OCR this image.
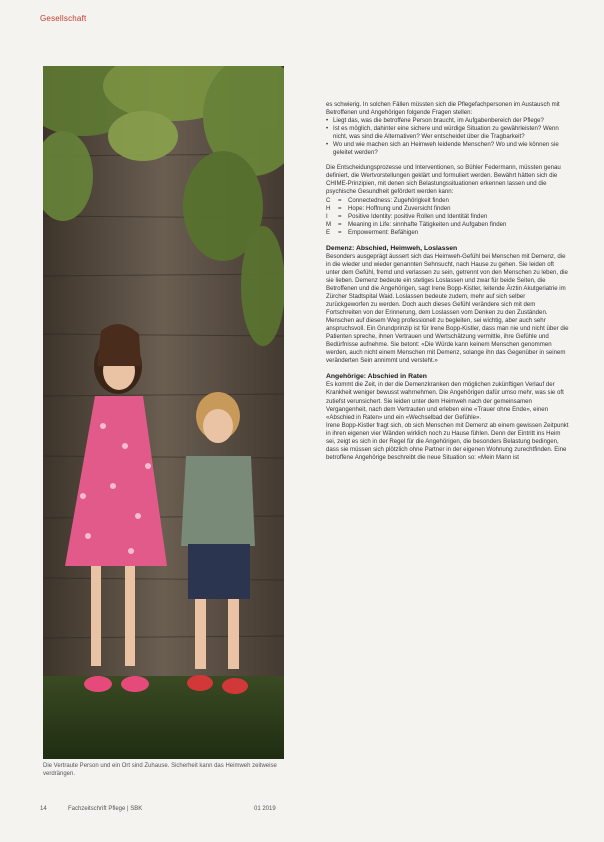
Gesellschaft
Die Vertraute Person und ein Ort sind Zuhause. Sicherheit kann das Heimweh zeitweise verdrängen.

es schwierig. In solchen Fällen müssten sich die Pflegefachpersonen im Austausch mit Betroffenen und Angehörigen folgende Fragen stellen:

• Liegt das, was die betroffene Person braucht, im Aufgabenbereich der Pflege?
• Ist es möglich, dahinter eine sichere und würdige Situation zu gewährleisten? Wenn nicht, was sind die Alternativen? Wer entscheidet über die Tragbarkeit?
• Wo und wie machen sich an Heimweh leidende Menschen? Wo und wie können sie geleitet werden?

Die Entscheidungsprozesse und Interventionen, so Bühler Federmann, müssten genau definiert, die Wertvorstellungen geklärt und formuliert werden. Bewährt hätten sich die CHIME-Prinzipien, mit denen sich Belastungssituationen erkennen lassen und die psychische Gesundheit gefördert werden kann:

C	=	Connectedness: Zugehörigkeit finden
H	=	Hope: Hoffnung und Zuversicht finden
I	=	Positive Identity: positive Rollen und Identität finden
M	=	Meaning in Life: sinnhafte Tätigkeiten und Aufgaben finden
E	=	Empowerment: Befähigen
Demenz: Abschied, Heimweh, Loslassen

Besonders ausgeprägt äussert sich das Heimweh-Gefühl bei Menschen mit Demenz, die in die wieder und wieder genannten Sehnsucht, nach Hause zu gehen. Sie leiden oft unter dem Gefühl, fremd und verlassen zu sein, getrennt von den Menschen zu leben, die sie lieben. Demenz bedeute ein stetiges Loslassen und zwar für beide Seiten, die Betroffenen und die Angehörigen, sagt Irene Bopp-Kistler, leitende Ärztin Akutgeriatrie im Zürcher Stadtspital Waid. Loslassen bedeute zudem, mehr auf sich selber zurückgeworfen zu werden. Doch auch dieses Gefühl verändere sich mit dem Fortschreiten von der Erinnerung, dem Loslassen vom Denken zu den Zuständen. Menschen auf diesem Weg professionell zu begleiten, sei wichtig, aber auch sehr anspruchsvoll. Ein Grundprinzip ist für Irene Bopp-Kistler, dass man nie und nicht über die Patienten spreche, ihnen Vertrauen und Wertschätzung vermittle, ihre Gefühle und Bedürfnisse aufnehme. Sie betont: «Die Würde kann keinem Menschen genommen werden, auch nicht einem Menschen mit Demenz, solange ihn das Gegenüber in seinem veränderten Sein annimmt und versteht.»

Angehörige: Abschied in Raten

Es kommt die Zeit, in der die Demenzkranken den möglichen zukünftigen Verlauf der Krankheit weniger bewusst wahrnehmen. Die Angehörigen dafür umso mehr, was sie oft zutiefst verunsichert. Sie leiden unter dem Heimweh nach der gemeinsamen Vergangenheit, nach dem Vertrauten und erleben eine «Trauer ohne Ende», einen «Abschied in Raten» und ein «Wechselbad der Gefühle».

Irene Bopp-Kistler fragt sich, ob sich Menschen mit Demenz ab einem gewissen Zeitpunkt in ihren eigenen vier Wänden wirklich noch zu Hause fühlen. Denn der Eintritt ins Heim sei, zeigt es sich in der Regel für die Angehörigen, die besonders Belastung bedingen, dass sie müssen sich plötzlich ohne Partner in der eigenen Wohnung zurechtfinden. Eine betroffene Angehörige beschreibt die neue Situation so: «Mein Mann ist

14	Fachzeitschrift Pflege | SBK	01 2019
